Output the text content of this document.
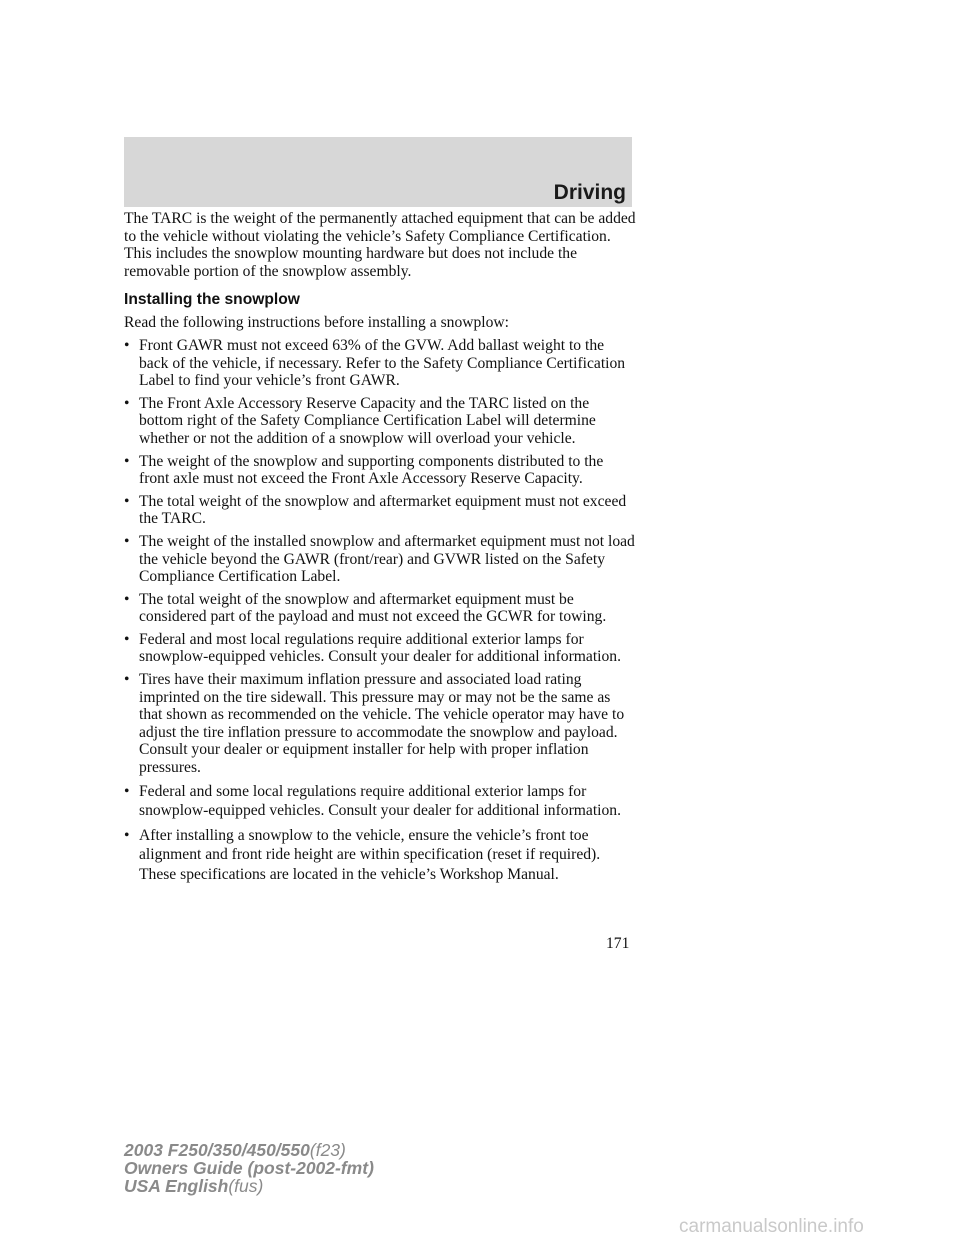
Driving

The TARC is the weight of the permanently attached equipment that can be added to the vehicle without violating the vehicle’s Safety Compliance Certification. This includes the snowplow mounting hardware but does not include the removable portion of the snowplow assembly.

Installing the snowplow

Read the following instructions before installing a snowplow:

• Front GAWR must not exceed 63% of the GVW. Add ballast weight to the back of the vehicle, if necessary. Refer to the Safety Compliance Certification Label to find your vehicle’s front GAWR.
• The Front Axle Accessory Reserve Capacity and the TARC listed on the bottom right of the Safety Compliance Certification Label will determine whether or not the addition of a snowplow will overload your vehicle.
• The weight of the snowplow and supporting components distributed to the front axle must not exceed the Front Axle Accessory Reserve Capacity.
• The total weight of the snowplow and aftermarket equipment must not exceed the TARC.
• The weight of the installed snowplow and aftermarket equipment must not load the vehicle beyond the GAWR (front/rear) and GVWR listed on the Safety Compliance Certification Label.
• The total weight of the snowplow and aftermarket equipment must be considered part of the payload and must not exceed the GCWR for towing.
• Federal and most local regulations require additional exterior lamps for snowplow-equipped vehicles. Consult your dealer for additional information.
• Tires have their maximum inflation pressure and associated load rating imprinted on the tire sidewall. This pressure may or may not be the same as that shown as recommended on the vehicle. The vehicle operator may have to adjust the tire inflation pressure to accommodate the snowplow and payload. Consult your dealer or equipment installer for help with proper inflation pressures.
• Federal and some local regulations require additional exterior lamps for snowplow-equipped vehicles. Consult your dealer for additional information.
• After installing a snowplow to the vehicle, ensure the vehicle’s front toe alignment and front ride height are within specification (reset if required). These specifications are located in the vehicle’s Workshop Manual.
171
2003 F250/350/450/550(f23)
Owners Guide (post-2002-fmt)
USA English(fus)
carmanualsonline.info
